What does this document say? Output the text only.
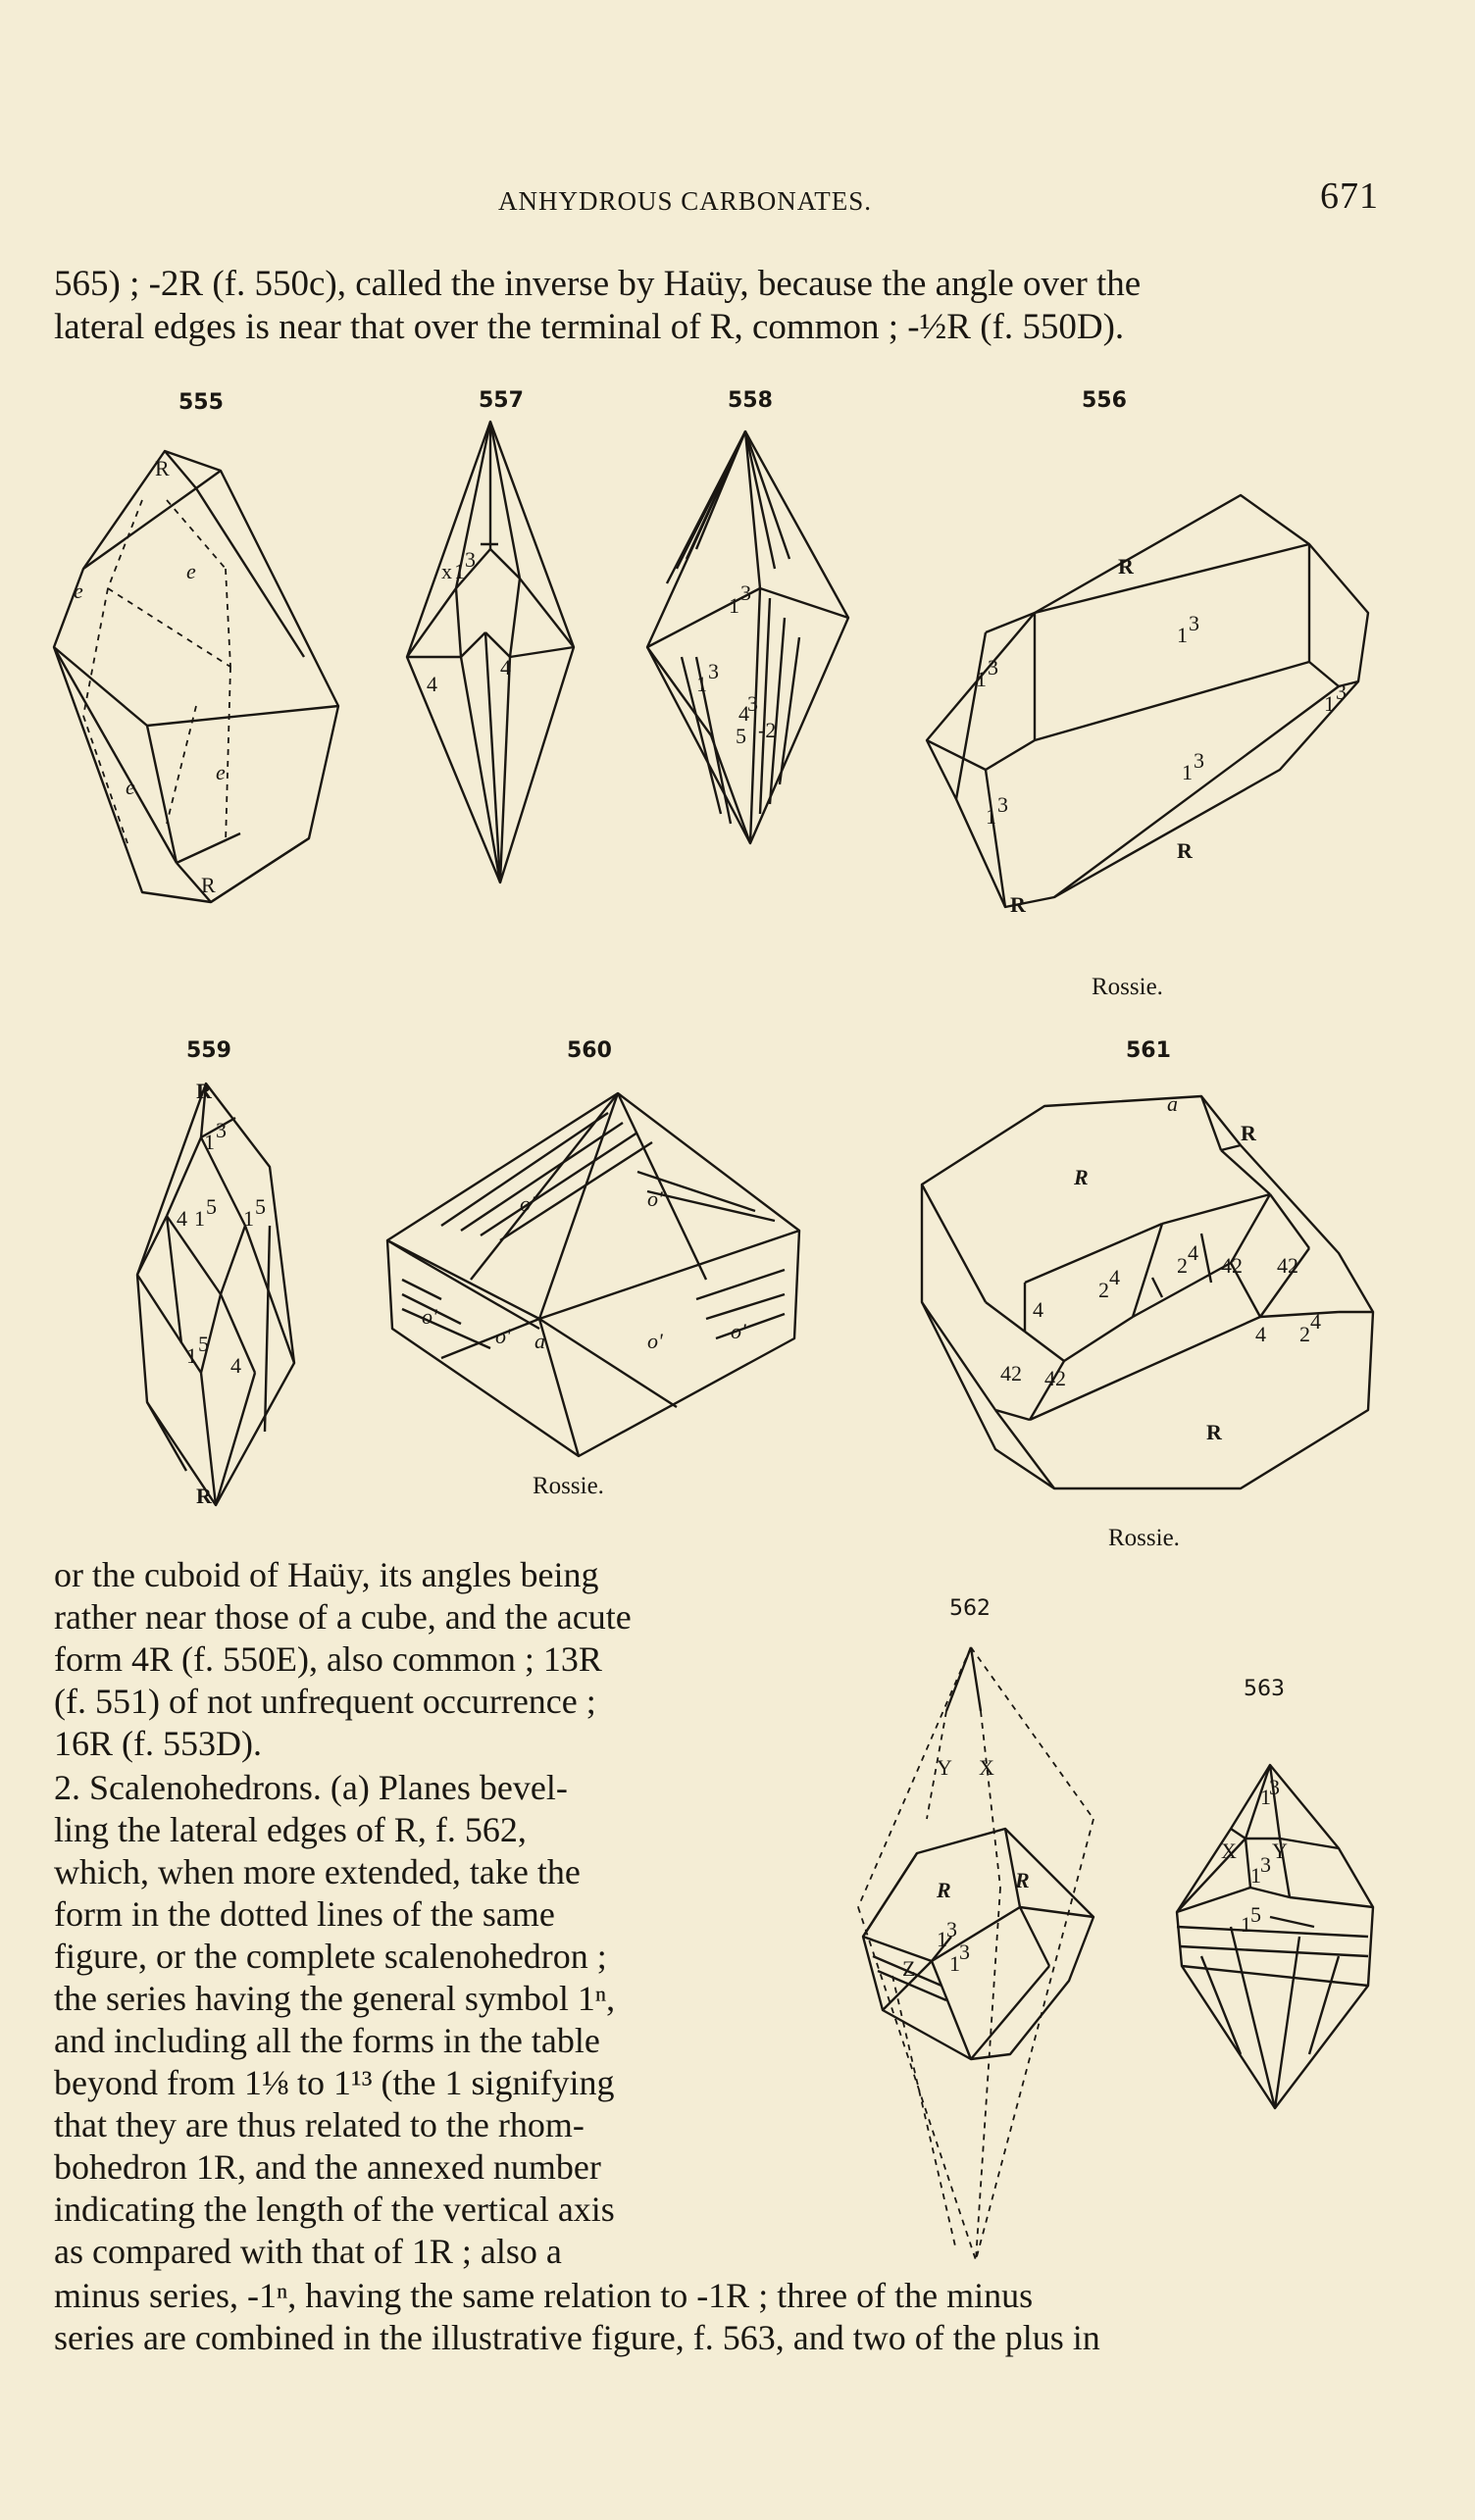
ANHYDROUS CARBONATES.	671
565) ; -2R (f. 550c), called the inverse by Haüy, because the angle over the
lateral edges is near that over the terminal of R, common ; -½R (f. 550D).
555	557	558	556
R
e
e
e
e
R
x 1 3
4
4
1
3
1
3
4
3
5 -2
R
1 3
1 3
1 3
1 3
1 3
R
R
Rossie.
559	560	561
R
1 3
4 1 5 1 5
1 5
4
R
o'	o'
o'
o'	o'	o'
a
Rossie.
R
R
a
4
2
4	2
4
42 42
4 2
4
42 42
R
Rossie.
or the cuboid of Haüy, its angles being
rather near those of a cube, and the acute
form 4R (f. 550E), also common ; 13R
(f. 551) of not unfrequent occurrence ;
16R (f. 553D).
2. Scalenohedrons. (a) Planes bevel-
ling the lateral edges of R, f. 562,
which, when more extended, take the
form in the dotted lines of the same
figure, or the complete scalenohedron ;
the series having the general symbol 1ⁿ,
and including all the forms in the table
beyond from 1⅛ to 1¹³ (the 1 signifying
that they are thus related to the rhom-
bohedron 1R, and the annexed number
indicating the length of the vertical axis
as compared with that of 1R ; also a
562
Y X
R	R
1 3
Z 1 3
563
1
3
X Y
1 3
1 5
minus series, -1ⁿ, having the same relation to -1R ; three of the minus
series are combined in the illustrative figure, f. 563, and two of the plus in
